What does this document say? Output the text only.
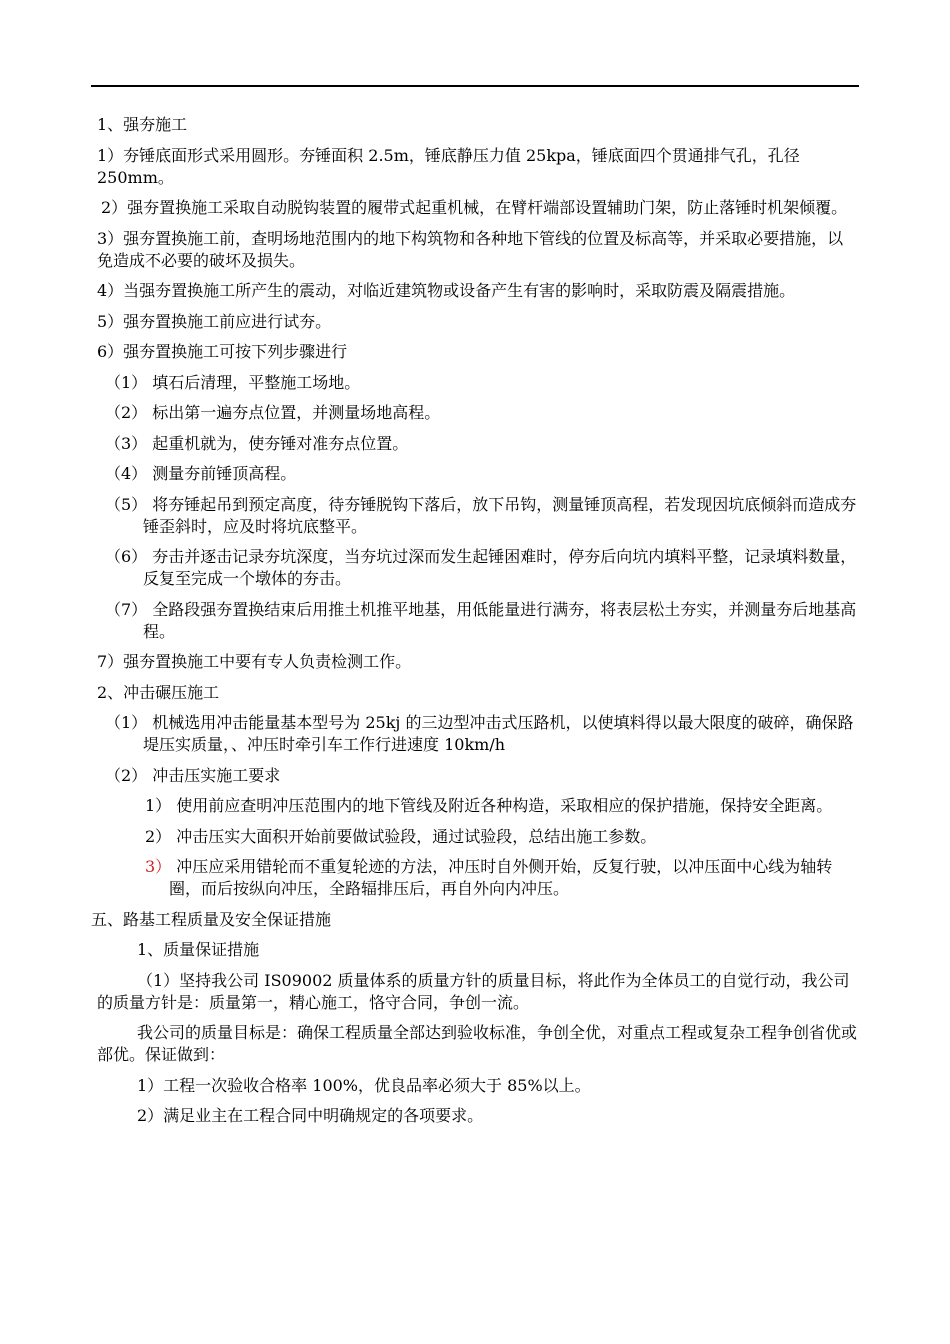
1、强夯施工

1）夯锤底面形式采用圆形。夯锤面积 2.5m，锤底静压力值 25kpa，锤底面四个贯通排气孔，孔径 250mm。

2）强夯置换施工采取自动脱钩装置的履带式起重机械，在臂杆端部设置辅助门架，防止落锤时机架倾覆。

3）强夯置换施工前，查明场地范围内的地下构筑物和各种地下管线的位置及标高等，并采取必要措施，以免造成不必要的破坏及损失。

4）当强夯置换施工所产生的震动，对临近建筑物或设备产生有害的影响时，采取防震及隔震措施。

5）强夯置换施工前应进行试夯。

6）强夯置换施工可按下列步骤进行

（1） 填石后清理，平整施工场地。

（2） 标出第一遍夯点位置，并测量场地高程。

（3） 起重机就为，使夯锤对准夯点位置。

（4） 测量夯前锤顶高程。

（5） 将夯锤起吊到预定高度，待夯锤脱钩下落后，放下吊钩，测量锤顶高程，若发现因坑底倾斜而造成夯锤歪斜时，应及时将坑底整平。

（6） 夯击并逐击记录夯坑深度，当夯坑过深而发生起锤困难时，停夯后向坑内填料平整，记录填料数量，反复至完成一个墩体的夯击。

（7） 全路段强夯置换结束后用推土机推平地基，用低能量进行满夯，将表层松土夯实，并测量夯后地基高程。

7）强夯置换施工中要有专人负责检测工作。

2、冲击碾压施工

（1） 机械选用冲击能量基本型号为 25kj 的三边型冲击式压路机，以使填料得以最大限度的破碎，确保路堤压实质量，、冲压时牵引车工作行进速度 10km/h

（2） 冲击压实施工要求

1） 使用前应查明冲压范围内的地下管线及附近各种构造，采取相应的保护措施，保持安全距离。

2） 冲击压实大面积开始前要做试验段，通过试验段，总结出施工参数。

3） 冲压应采用错轮而不重复轮迹的方法，冲压时自外侧开始，反复行驶，以冲压面中心线为轴转圈，而后按纵向冲压，全路辐排压后，再自外向内冲压。

五、路基工程质量及安全保证措施

1、质量保证措施

（1）坚持我公司 IS09002 质量体系的质量方针的质量目标，将此作为全体员工的自觉行动，我公司的质量方针是：质量第一，精心施工，恪守合同，争创一流。

我公司的质量目标是：确保工程质量全部达到验收标准，争创全优，对重点工程或复杂工程争创省优或部优。保证做到：

1）工程一次验收合格率 100%，优良品率必须大于 85%以上。

2）满足业主在工程合同中明确规定的各项要求。
